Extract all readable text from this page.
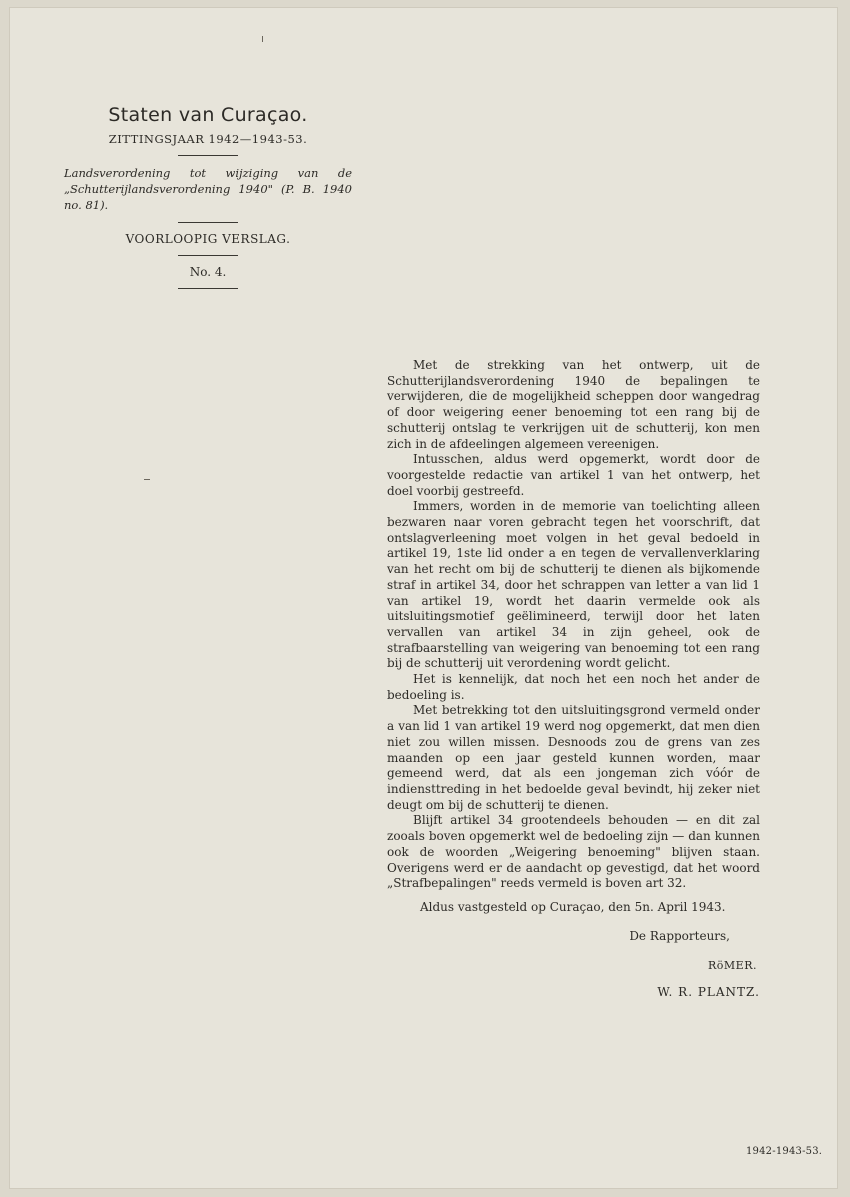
Staten van Curaçao.
ZITTINGSJAAR 1942—1943-53.
Landsverordening tot wijziging van de „Schutterijlandsverordening 1940" (P. B. 1940 no. 81).
VOORLOOPIG VERSLAG.
No. 4.

Met de strekking van het ontwerp, uit de Schutterijlandsverordening 1940 de bepalingen te verwijderen, die de mogelijkheid scheppen door wangedrag of door weigering eener benoeming tot een rang bij de schutterij ontslag te verkrijgen uit de schutterij, kon men zich in de afdeelingen algemeen vereenigen.

Intusschen, aldus werd opgemerkt, wordt door de voorgestelde redactie van artikel 1 van het ontwerp, het doel voorbij gestreefd.

Immers, worden in de memorie van toelichting alleen bezwaren naar voren gebracht tegen het voorschrift, dat ontslagverleening moet volgen in het geval bedoeld in artikel 19, 1ste lid onder a en tegen de vervallenverklaring van het recht om bij de schutterij te dienen als bijkomende straf in artikel 34, door het schrappen van letter a van lid 1 van artikel 19, wordt het daarin vermelde ook als uitsluitingsmotief geëlimineerd, terwijl door het laten vervallen van artikel 34 in zijn geheel, ook de strafbaarstelling van weigering van benoeming tot een rang bij de schutterij uit verordening wordt gelicht.

Het is kennelijk, dat noch het een noch het ander de bedoeling is.

Met betrekking tot den uitsluitingsgrond vermeld onder a van lid 1 van artikel 19 werd nog opgemerkt, dat men dien niet zou willen missen. Desnoods zou de grens van zes maanden op een jaar gesteld kunnen worden, maar gemeend werd, dat als een jongeman zich vóór de indiensttreding in het bedoelde geval bevindt, hij zeker niet deugt om bij de schutterij te dienen.

Blijft artikel 34 grootendeels behouden — en dit zal zooals boven opgemerkt wel de bedoeling zijn — dan kunnen ook de woorden „Weigering benoeming" blijven staan. Overigens werd er de aandacht op gevestigd, dat het woord „Strafbepalingen" reeds vermeld is boven art 32.

Aldus vastgesteld op Curaçao, den 5n. April 1943.
De Rapporteurs,
RöMER.
W. R. PLANTZ.
1942-1943-53.
